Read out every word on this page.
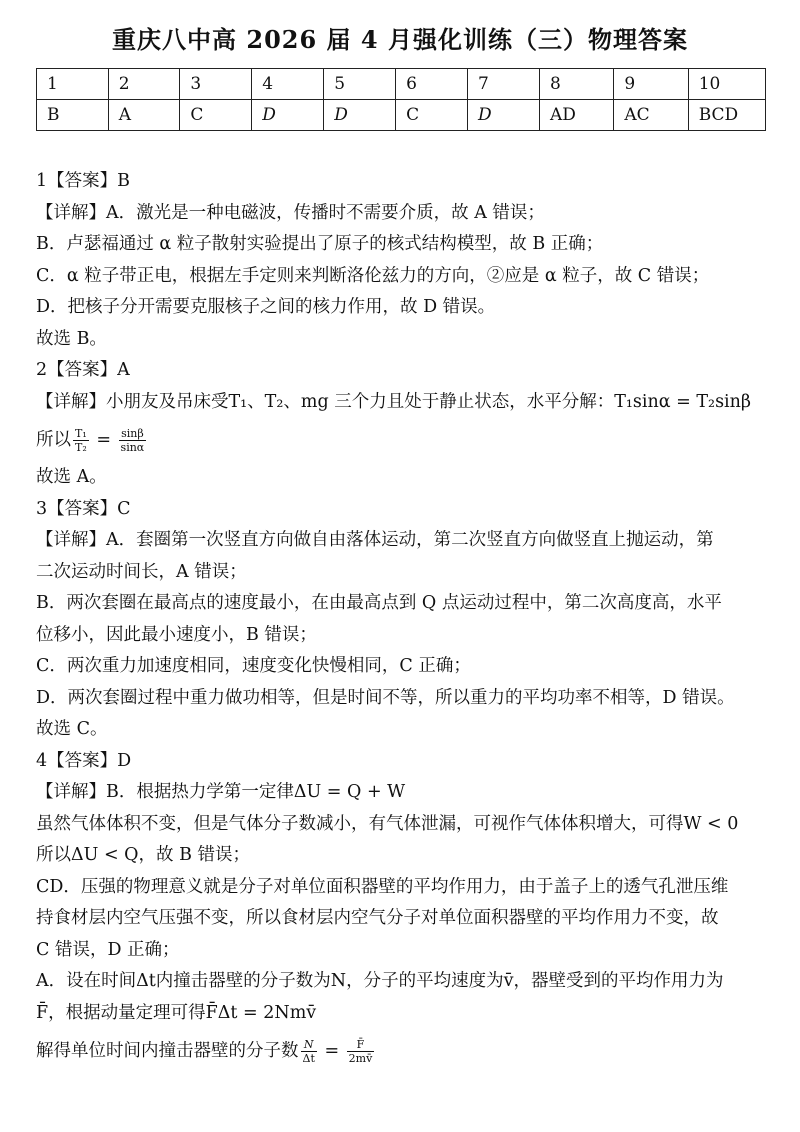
重庆八中高 2026 届 4 月强化训练（三）物理答案
1	2	3	4	5	6	7	8	9	10
B	A	C	D	D	C	D	AD	AC	BCD
1【答案】B
【详解】A．激光是一种电磁波，传播时不需要介质，故 A 错误；
B．卢瑟福通过 α 粒子散射实验提出了原子的核式结构模型，故 B 正确；
C．α 粒子带正电，根据左手定则来判断洛伦兹力的方向，②应是 α 粒子，故 C 错误；
D．把核子分开需要克服核子之间的核力作用，故 D 错误。
故选 B。
2【答案】A
【详解】小朋友及吊床受T₁、T₂、mg 三个力且处于静止状态，水平分解：T₁sinα = T₂sinβ
所以 $\frac{\text{T₁}}{\text{T₂}} = \frac{\sin\beta}{\sin\alpha}$
故选 A。
3【答案】C
【详解】A．套圈第一次竖直方向做自由落体运动，第二次竖直方向做竖直上抛运动，第
二次运动时间长，A 错误；
B．两次套圈在最高点的速度最小，在由最高点到 Q 点运动过程中，第二次高度高，水平
位移小，因此最小速度小，B 错误；
C．两次重力加速度相同，速度变化快慢相同，C 正确；
D．两次套圈过程中重力做功相等，但是时间不等，所以重力的平均功率不相等，D 错误。
故选 C。
4【答案】D
【详解】B．根据热力学第一定律ΔU = Q + W
虽然气体体积不变，但是气体分子数减小，有气体泄漏，可视作气体体积增大，可得W < 0
所以ΔU < Q，故 B 错误；
CD．压强的物理意义就是分子对单位面积器壁的平均作用力，由于盖子上的透气孔泄压维
持食材层内空气压强不变，所以食材层内空气分子对单位面积器壁的平均作用力不变，故
C 错误，D 正确；
A．设在时间Δt内撞击器壁的分子数为N，分子的平均速度为v̄，器壁受到的平均作用力为
F̄，根据动量定理可得F̄Δt = 2Nmv̄
解得单位时间内撞击器壁的分子数 $\frac{N}{\Delta t} = \frac{F̄}{2mv̄}$
